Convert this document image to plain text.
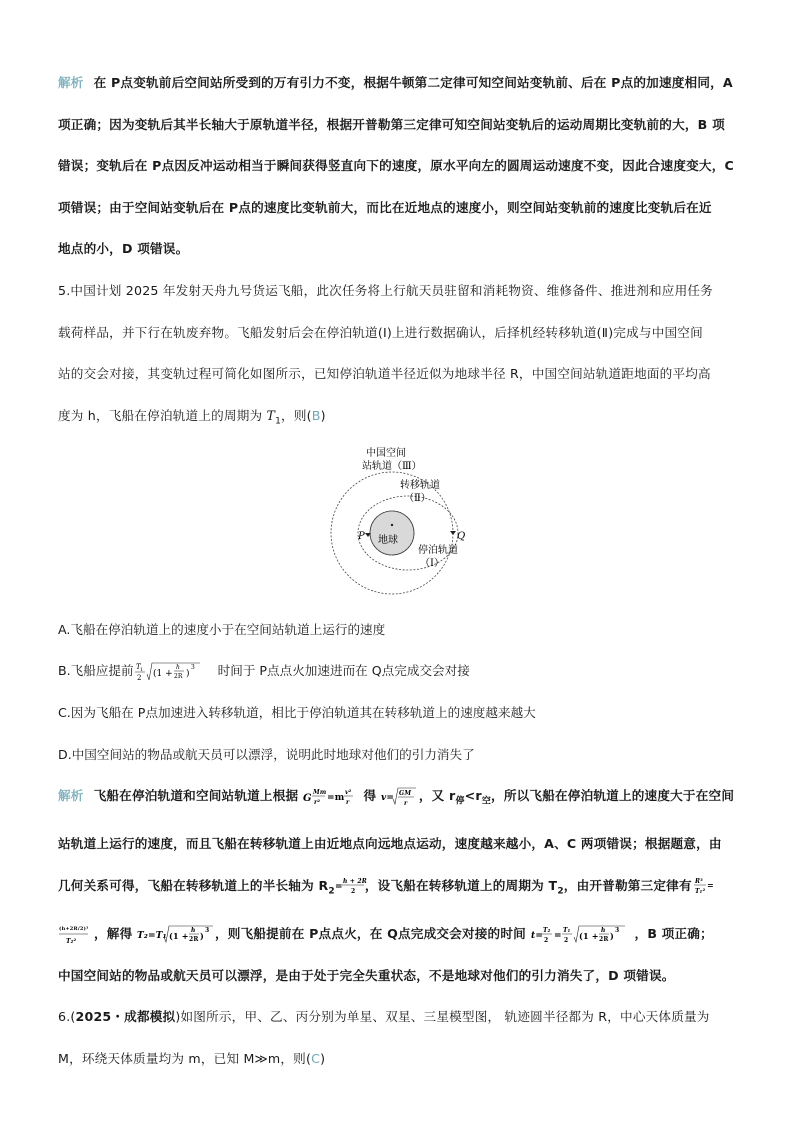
解析 在 P点变轨前后空间站所受到的万有引力不变，根据牛顿第二定律可知空间站变轨前、后在 P点的加速度相同，A

项正确；因为变轨后其半长轴大于原轨道半径，根据开普勒第三定律可知空间站变轨后的运动周期比变轨前的大，B 项

错误；变轨后在 P点因反冲运动相当于瞬间获得竖直向下的速度，原水平向左的圆周运动速度不变，因此合速度变大，C

项错误；由于空间站变轨后在 P点的速度比变轨前大，而比在近地点的速度小，则空间站变轨前的速度比变轨后在近

地点的小，D 项错误。

5.中国计划 2025 年发射天舟九号货运飞船，此次任务将上行航天员驻留和消耗物资、维修备件、推进剂和应用任务

载荷样品，并下行在轨废弃物。飞船发射后会在停泊轨道(Ⅰ)上进行数据确认，后择机经转移轨道(Ⅱ)完成与中国空间

站的交会对接，其变轨过程可简化如图所示，已知停泊轨道半径近似为地球半径 R，中国空间站轨道距地面的平均高

度为 h，飞船在停泊轨道上的周期为 $T_1$，则(B)

中国空间
站轨道（Ⅲ）
转移轨道
（Ⅱ）
停泊轨道
（Ⅰ）
地球
P	Q

A.飞船在停泊轨道上的速度小于在空间站轨道上运行的速度

B.飞船应提前 T 1
2 (1 +
h
2R )
3 时间于 P点点火加速进而在 Q点完成交会对接

C.因为飞船在 P点加速进入转移轨道，相比于停泊轨道其在转移轨道上的速度越来越大

D.中国空间站的物品或航天员可以漂浮，说明此时地球对他们的引力消失了

解析 飞船在停泊轨道和空间站轨道上根据 G
Mm
r² =m
v²
r 得 v= GM
r ，又 $r_停<r_空$，所以飞船在停泊轨道上的速度大于在空间

站轨道上运行的速度，而且飞船在转移轨道上由近地点向远地点运动，速度越来越小，A、C 两项错误；根据题意，由

几何关系可得，飞船在转移轨道上的半长轴为 $R_2$ =
h + 2R
2 ，设飞船在转移轨道上的周期为 $T_2$，由开普勒第三定律有 R³
T₁²
=

(h+2R/2)³
T₂² ，解得 T₂=T₁ (1 +
h
2R )
3 ，则飞船提前在 P点点火，在 Q点完成交会对接的时间 t=
T₂
2 =
T₁
2 (1 +
h
2R )
3 ，B 项正确；

中国空间站的物品或航天员可以漂浮，是由于处于完全失重状态，不是地球对他们的引力消失了，D 项错误。

6.(2025・成都模拟)如图所示，甲、乙、丙分别为单星、双星、三星模型图， 轨迹圆半径都为 R，中心天体质量为

M，环绕天体质量均为 m，已知 M≫m，则(C)
